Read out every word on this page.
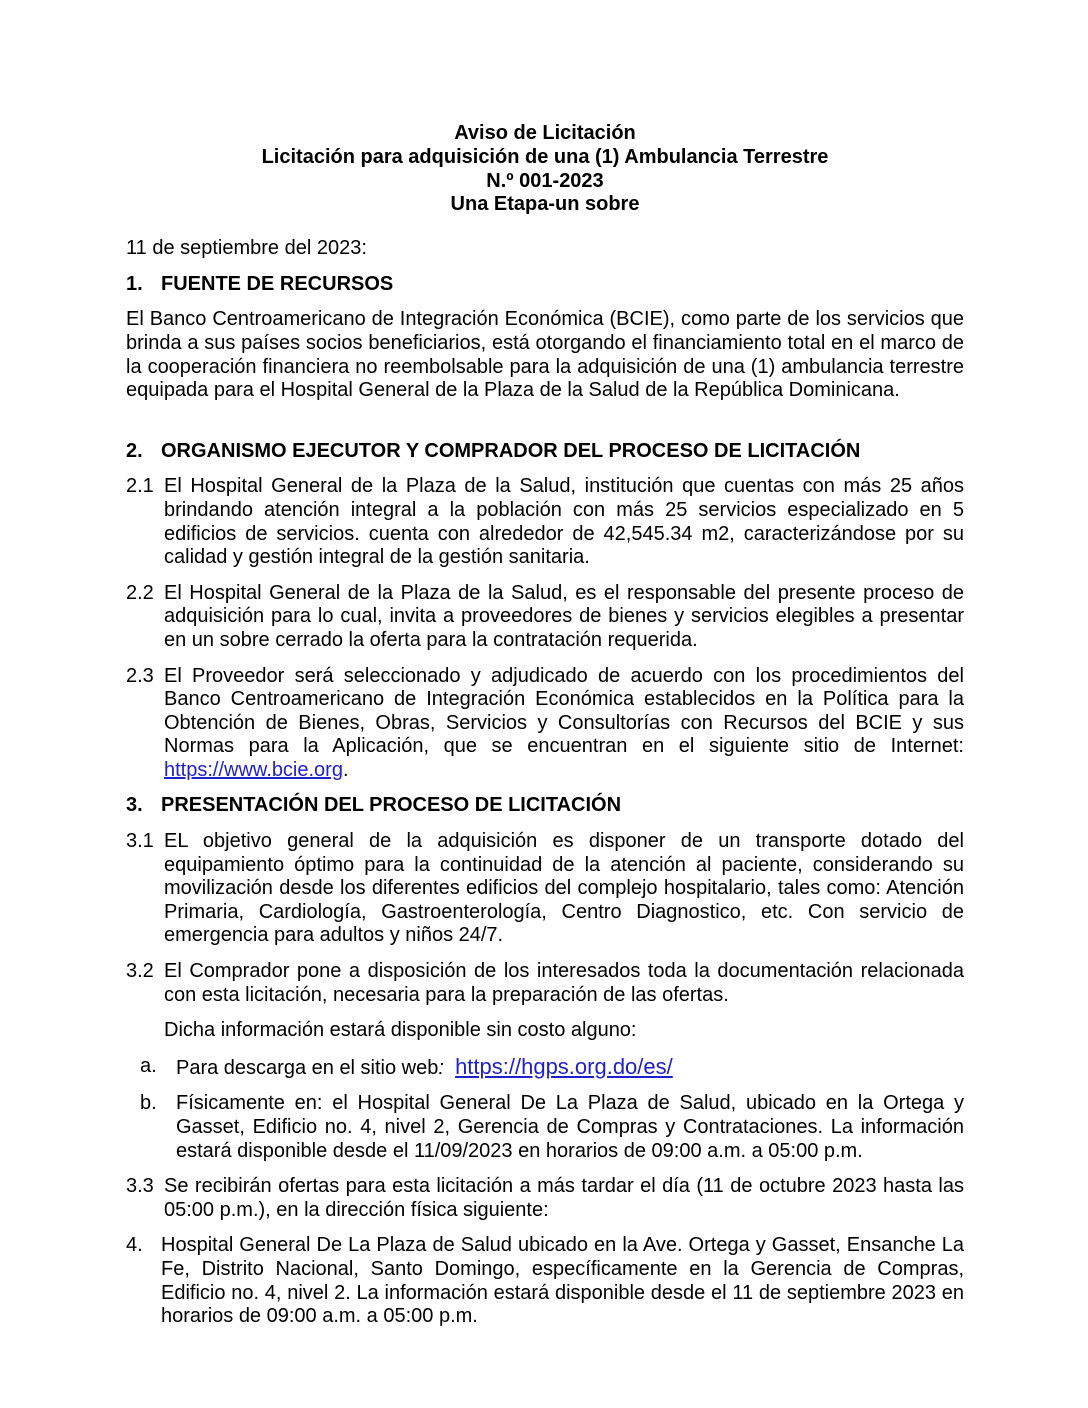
Aviso de Licitación
Licitación para adquisición de una (1) Ambulancia Terrestre
N.º 001-2023
Una Etapa-un sobre
11 de septiembre del 2023:
1. FUENTE DE RECURSOS

El Banco Centroamericano de Integración Económica (BCIE), como parte de los servicios que brinda a sus países socios beneficiarios, está otorgando el financiamiento total en el marco de la cooperación financiera no reembolsable para la adquisición de una (1) ambulancia terrestre equipada para el Hospital General de la Plaza de la Salud de la República Dominicana.

2. ORGANISMO EJECUTOR Y COMPRADOR DEL PROCESO DE LICITACIÓN
2.1 El Hospital General de la Plaza de la Salud, institución que cuentas con más 25 años brindando atención integral a la población con más 25 servicios especializado en 5 edificios de servicios. cuenta con alrededor de 42,545.34 m2, caracterizándose por su calidad y gestión integral de la gestión sanitaria.
2.2 El Hospital General de la Plaza de la Salud, es el responsable del presente proceso de adquisición para lo cual, invita a proveedores de bienes y servicios elegibles a presentar en un sobre cerrado la oferta para la contratación requerida.
2.3 El Proveedor será seleccionado y adjudicado de acuerdo con los procedimientos del Banco Centroamericano de Integración Económica establecidos en la Política para la Obtención de Bienes, Obras, Servicios y Consultorías con Recursos del BCIE y sus Normas para la Aplicación, que se encuentran en el siguiente sitio de Internet: https://www.bcie.org.
3. PRESENTACIÓN DEL PROCESO DE LICITACIÓN
3.1 EL objetivo general de la adquisición es disponer de un transporte dotado del equipamiento óptimo para la continuidad de la atención al paciente, considerando su movilización desde los diferentes edificios del complejo hospitalario, tales como: Atención Primaria, Cardiología, Gastroenterología, Centro Diagnostico, etc. Con servicio de emergencia para adultos y niños 24/7.
3.2 El Comprador pone a disposición de los interesados toda la documentación relacionada con esta licitación, necesaria para la preparación de las ofertas.
Dicha información estará disponible sin costo alguno:
a. Para descarga en el sitio web: https://hgps.org.do/es/
b. Físicamente en: el Hospital General De La Plaza de Salud, ubicado en la Ortega y Gasset, Edificio no. 4, nivel 2, Gerencia de Compras y Contrataciones. La información estará disponible desde el 11/09/2023 en horarios de 09:00 a.m. a 05:00 p.m.
3.3 Se recibirán ofertas para esta licitación a más tardar el día (11 de octubre 2023 hasta las 05:00 p.m.), en la dirección física siguiente:
4. Hospital General De La Plaza de Salud ubicado en la Ave. Ortega y Gasset, Ensanche La Fe, Distrito Nacional, Santo Domingo, específicamente en la Gerencia de Compras, Edificio no. 4, nivel 2. La información estará disponible desde el 11 de septiembre 2023 en horarios de 09:00 a.m. a 05:00 p.m.
